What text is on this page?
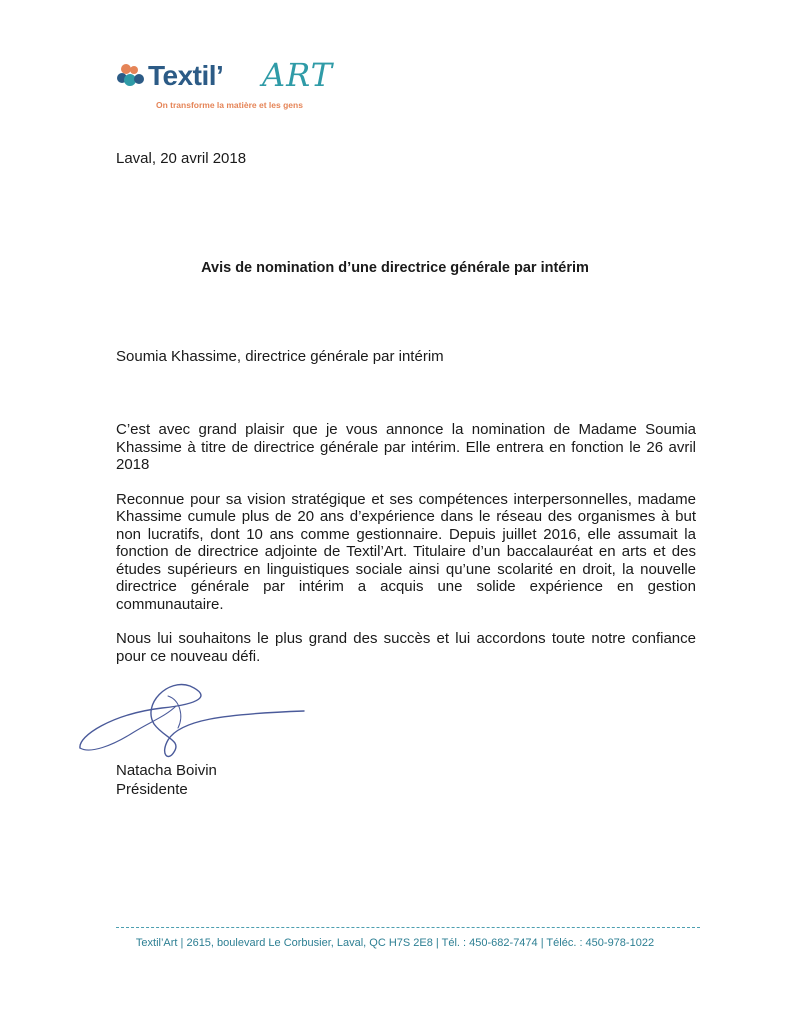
Textil’ ART
On transforme la matière et les gens
Laval, 20 avril 2018
Avis de nomination d’une directrice générale par intérim
Soumia Khassime, directrice générale par intérim

C’est avec grand plaisir que je vous annonce la nomination de Madame Soumia Khassime à titre de directrice générale par intérim. Elle entrera en fonction le 26 avril 2018

Reconnue pour sa vision stratégique et ses compétences interpersonnelles, madame Khassime cumule plus de 20 ans d’expérience dans le réseau des organismes à but non lucratifs, dont 10 ans comme gestionnaire. Depuis juillet 2016, elle assumait la fonction de directrice adjointe de Textil’Art. Titulaire d’un baccalauréat en arts et des études supérieurs en linguistiques sociale ainsi qu’une scolarité en droit, la nouvelle directrice générale par intérim a acquis une solide expérience en gestion communautaire.

Nous lui souhaitons le plus grand des succès et lui accordons toute notre confiance pour ce nouveau défi.

Natacha Boivin
Présidente
Textil’Art | 2615, boulevard Le Corbusier, Laval, QC H7S 2E8 | Tél. : 450-682-7474 | Téléc. : 450-978-1022
